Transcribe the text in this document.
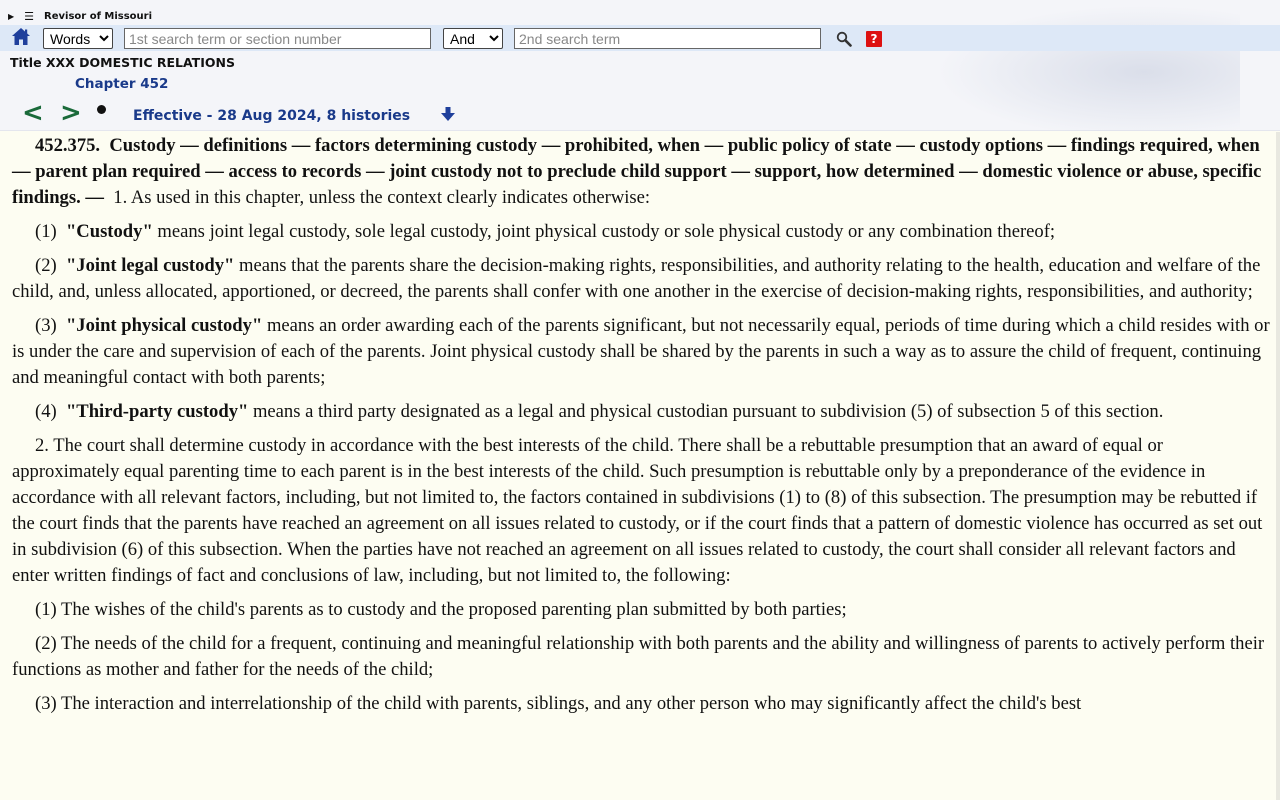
▶ ☰ Revisor of Missouri
Words
1st search term or section number
And
2nd search term
?
Title XXX DOMESTIC RELATIONS
Chapter 452
< >	Effective - 28 Aug 2024, 8 histories

452.375. Custody — definitions — factors determining custody — prohibited, when — public policy of state — custody options — findings required, when — parent plan required — access to records — joint custody not to preclude child support — support, how determined — domestic violence or abuse, specific findings. — 1. As used in this chapter, unless the context clearly indicates otherwise:

(1) "Custody" means joint legal custody, sole legal custody, joint physical custody or sole physical custody or any combination thereof;

(2) "Joint legal custody" means that the parents share the decision-making rights, responsibilities, and authority relating to the health, education and welfare of the child, and, unless allocated, apportioned, or decreed, the parents shall confer with one another in the exercise of decision-making rights, responsibilities, and authority;

(3) "Joint physical custody" means an order awarding each of the parents significant, but not necessarily equal, periods of time during which a child resides with or is under the care and supervision of each of the parents. Joint physical custody shall be shared by the parents in such a way as to assure the child of frequent, continuing and meaningful contact with both parents;

(4) "Third-party custody" means a third party designated as a legal and physical custodian pursuant to subdivision (5) of subsection 5 of this section.

2. The court shall determine custody in accordance with the best interests of the child. There shall be a rebuttable presumption that an award of equal or approximately equal parenting time to each parent is in the best interests of the child. Such presumption is rebuttable only by a preponderance of the evidence in accordance with all relevant factors, including, but not limited to, the factors contained in subdivisions (1) to (8) of this subsection. The presumption may be rebutted if the court finds that the parents have reached an agreement on all issues related to custody, or if the court finds that a pattern of domestic violence has occurred as set out in subdivision (6) of this subsection. When the parties have not reached an agreement on all issues related to custody, the court shall consider all relevant factors and enter written findings of fact and conclusions of law, including, but not limited to, the following:

(1) The wishes of the child's parents as to custody and the proposed parenting plan submitted by both parties;

(2) The needs of the child for a frequent, continuing and meaningful relationship with both parents and the ability and willingness of parents to actively perform their functions as mother and father for the needs of the child;

(3) The interaction and interrelationship of the child with parents, siblings, and any other person who may significantly affect the child's best
